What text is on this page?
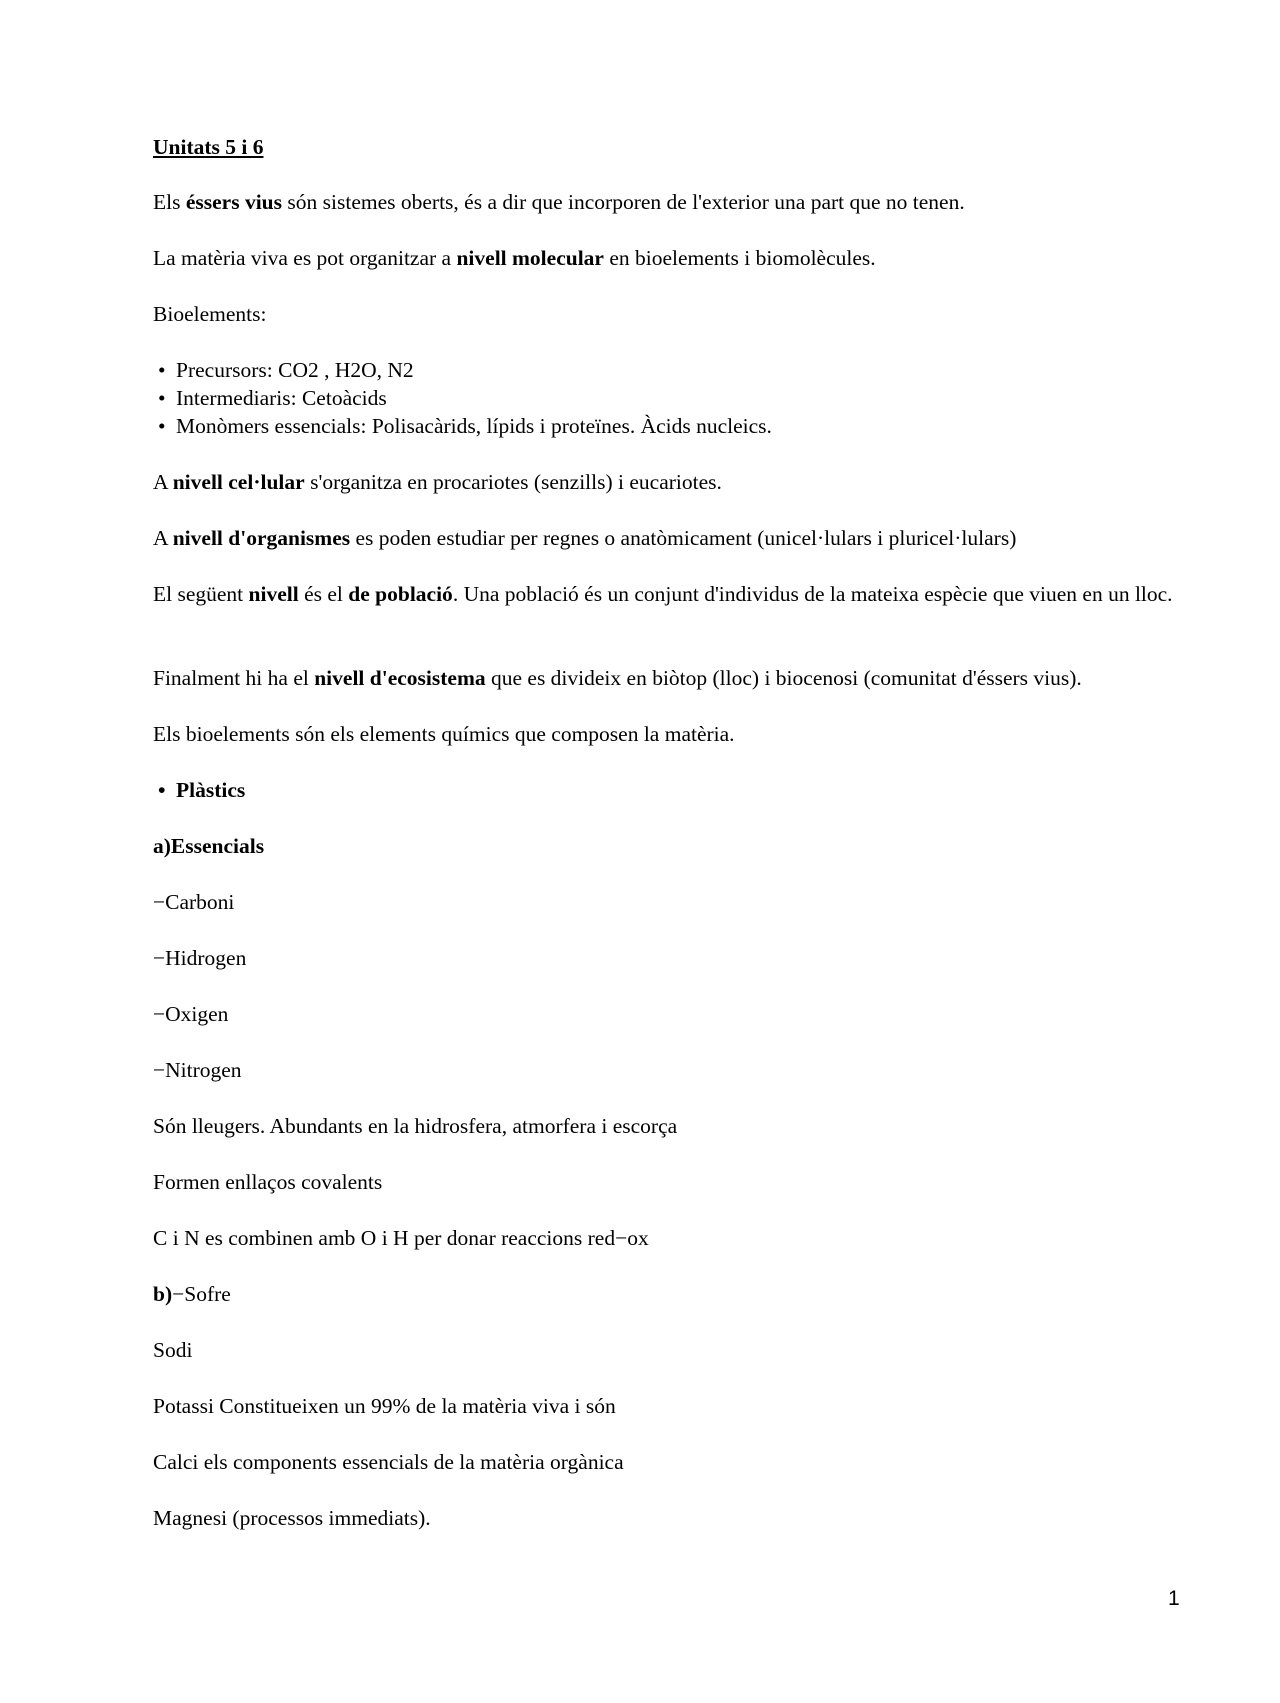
Unitats 5 i 6
Els éssers vius són sistemes oberts, és a dir que incorporen de l'exterior una part que no tenen.
La matèria viva es pot organitzar a nivell molecular en bioelements i biomolècules.
Bioelements:
• Precursors: CO2 , H2O, N2
• Intermediaris: Cetoàcids
• Monòmers essencials: Polisacàrids, lípids i proteïnes. Àcids nucleics.
A nivell cel·lular s'organitza en procariotes (senzills) i eucariotes.
A nivell d'organismes es poden estudiar per regnes o anatòmicament (unicel·lulars i pluricel·lulars)
El següent nivell és el de població. Una població és un conjunt d'individus de la mateixa espècie que viuen en un lloc.
Finalment hi ha el nivell d'ecosistema que es divideix en biòtop (lloc) i biocenosi (comunitat d'éssers vius).
Els bioelements són els elements químics que composen la matèria.
• Plàstics
a)Essencials
−Carboni
−Hidrogen
−Oxigen
−Nitrogen
Són lleugers. Abundants en la hidrosfera, atmorfera i escorça
Formen enllaços covalents
C i N es combinen amb O i H per donar reaccions red−ox
b)−Sofre
Sodi
Potassi Constitueixen un 99% de la matèria viva i són
Calci els components essencials de la matèria orgànica
Magnesi (processos immediats).
1
